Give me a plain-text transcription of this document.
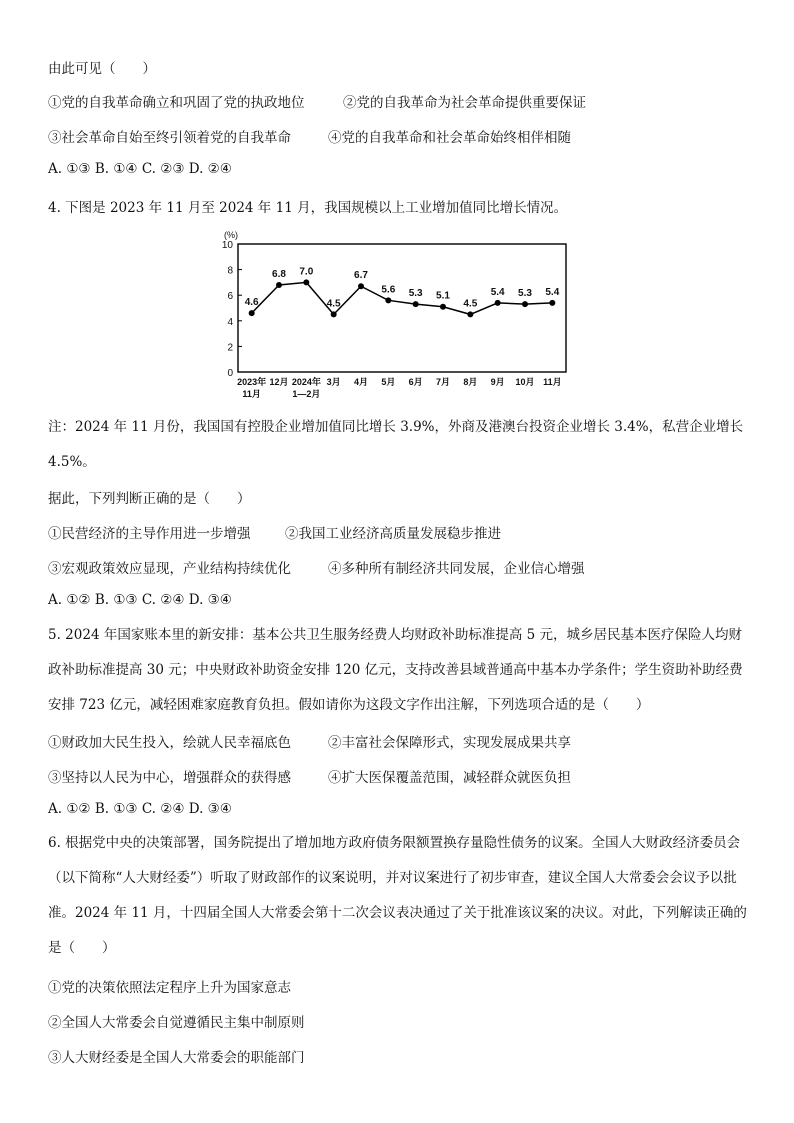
由此可见（　　）
①党的自我革命确立和巩固了党的执政地位	②党的自我革命为社会革命提供重要保证
③社会革命自始至终引领着党的自我革命	④党的自我革命和社会革命始终相伴相随
A. ①③ B. ①④ C. ②③ D. ②④
4. 下图是 2023 年 11 月至 2024 年 11 月，我国规模以上工业增加值同比增长情况。
(%)
0
2
4
6
8
10
2023年
11月
12月 2024年
1—2月
3月 4月 5月 6月 7月 8月 9月 10月 11月
4.6
6.8 7.0
4.5
6.7
5.6 5.3 5.1
4.5
5.4 5.3 5.4
注：2024 年 11 月份，我国国有控股企业增加值同比增长 3.9%，外商及港澳台投资企业增长 3.4%，私营企业增长 4.5%。
据此，下列判断正确的是（　　）
①民营经济的主导作用进一步增强	②我国工业经济高质量发展稳步推进
③宏观政策效应显现，产业结构持续优化	④多种所有制经济共同发展，企业信心增强
A. ①② B. ①③ C. ②④ D. ③④
5. 2024 年国家账本里的新安排：基本公共卫生服务经费人均财政补助标准提高 5 元，城乡居民基本医疗保险人均财政补助标准提高 30 元；中央财政补助资金安排 120 亿元，支持改善县域普通高中基本办学条件；学生资助补助经费安排 723 亿元，减轻困难家庭教育负担。假如请你为这段文字作出注解，下列选项合适的是（　　）
①财政加大民生投入，绘就人民幸福底色	②丰富社会保障形式，实现发展成果共享
③坚持以人民为中心，增强群众的获得感	④扩大医保覆盖范围，减轻群众就医负担
A. ①② B. ①③ C. ②④ D. ③④
6. 根据党中央的决策部署，国务院提出了增加地方政府债务限额置换存量隐性债务的议案。全国人大财政经济委员会（以下简称“人大财经委”）听取了财政部作的议案说明，并对议案进行了初步审查，建议全国人大常委会会议予以批准。2024 年 11 月，十四届全国人大常委会第十二次会议表决通过了关于批准该议案的决议。对此，下列解读正确的是（　　）
①党的决策依照法定程序上升为国家意志
②全国人大常委会自觉遵循民主集中制原则
③人大财经委是全国人大常委会的职能部门
